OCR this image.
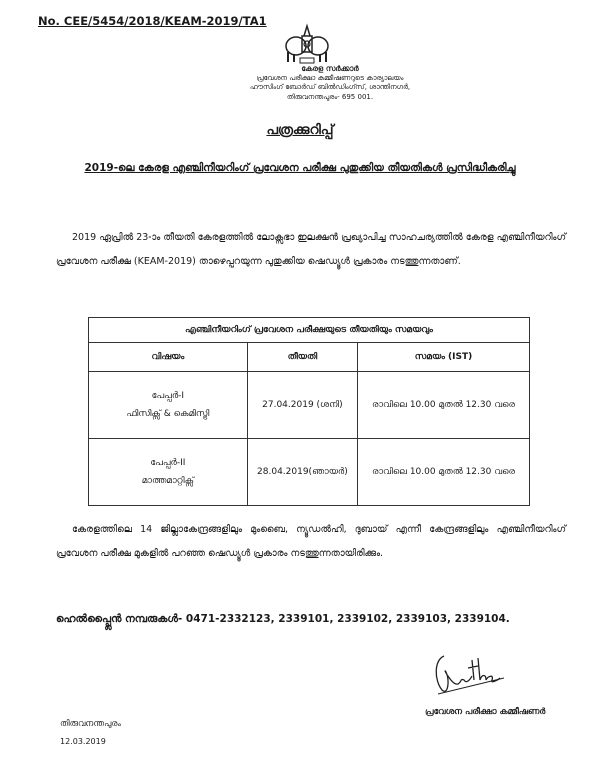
No. CEE/5454/2018/KEAM-2019/TA1
കേരള സർക്കാർ
പ്രവേശന പരീക്ഷാ കമ്മീഷണറുടെ കാര്യാലയം
ഹൗസിംഗ് ബോർഡ് ബിൽഡിംഗ്സ്, ശാന്തിനഗർ,
തിരുവനന്തപുരം- 695 001.
പത്രക്കുറിപ്പ്
2019-ലെ കേരള എഞ്ചിനീയറിംഗ് പ്രവേശന പരീക്ഷ പുതുക്കിയ തീയതികൾ പ്രസിദ്ധീകരിച്ചു
2019 ഏപ്രിൽ 23-ാം തീയതി കേരളത്തിൽ ലോക്സഭാ ഇലക്ഷൻ പ്രഖ്യാപിച്ച സാഹചര്യത്തിൽ കേരള എഞ്ചിനീയറിംഗ് പ്രവേശന പരീക്ഷ (KEAM-2019) താഴെപ്പറയുന്ന പുതുക്കിയ ഷെഡ്യൂൾ പ്രകാരം നടത്തുന്നതാണ്.
എഞ്ചിനീയറിംഗ് പ്രവേശന പരീക്ഷയുടെ തീയതിയും സമയവും		
വിഷയം	തീയതി	സമയം (IST)

പേപ്പർ-I
ഫിസിക്സ് & കെമിസ്ട്രി	27.04.2019 (ശനി)	രാവിലെ 10.00 മുതൽ 12.30 വരെ

പേപ്പർ-II
മാത്തമാറ്റിക്സ്	28.04.2019(ഞായർ)	രാവിലെ 10.00 മുതൽ 12.30 വരെ
കേരളത്തിലെ 14 ജില്ലാകേന്ദ്രങ്ങളിലും മുംബൈ, ന്യൂഡൽഹി, ദുബായ് എന്നീ കേന്ദ്രങ്ങളിലും എഞ്ചിനീയറിംഗ് പ്രവേശന പരീക്ഷ മുകളിൽ പറഞ്ഞ ഷെഡ്യൂൾ പ്രകാരം നടത്തുന്നതായിരിക്കും.
ഹെൽപ്പ്ലൈൻ നമ്പരുകൾ- 0471-2332123, 2339101, 2339102, 2339103, 2339104.
പ്രവേശന പരീക്ഷാ കമ്മീഷണർ
തിരുവനന്തപുരം
12.03.2019
